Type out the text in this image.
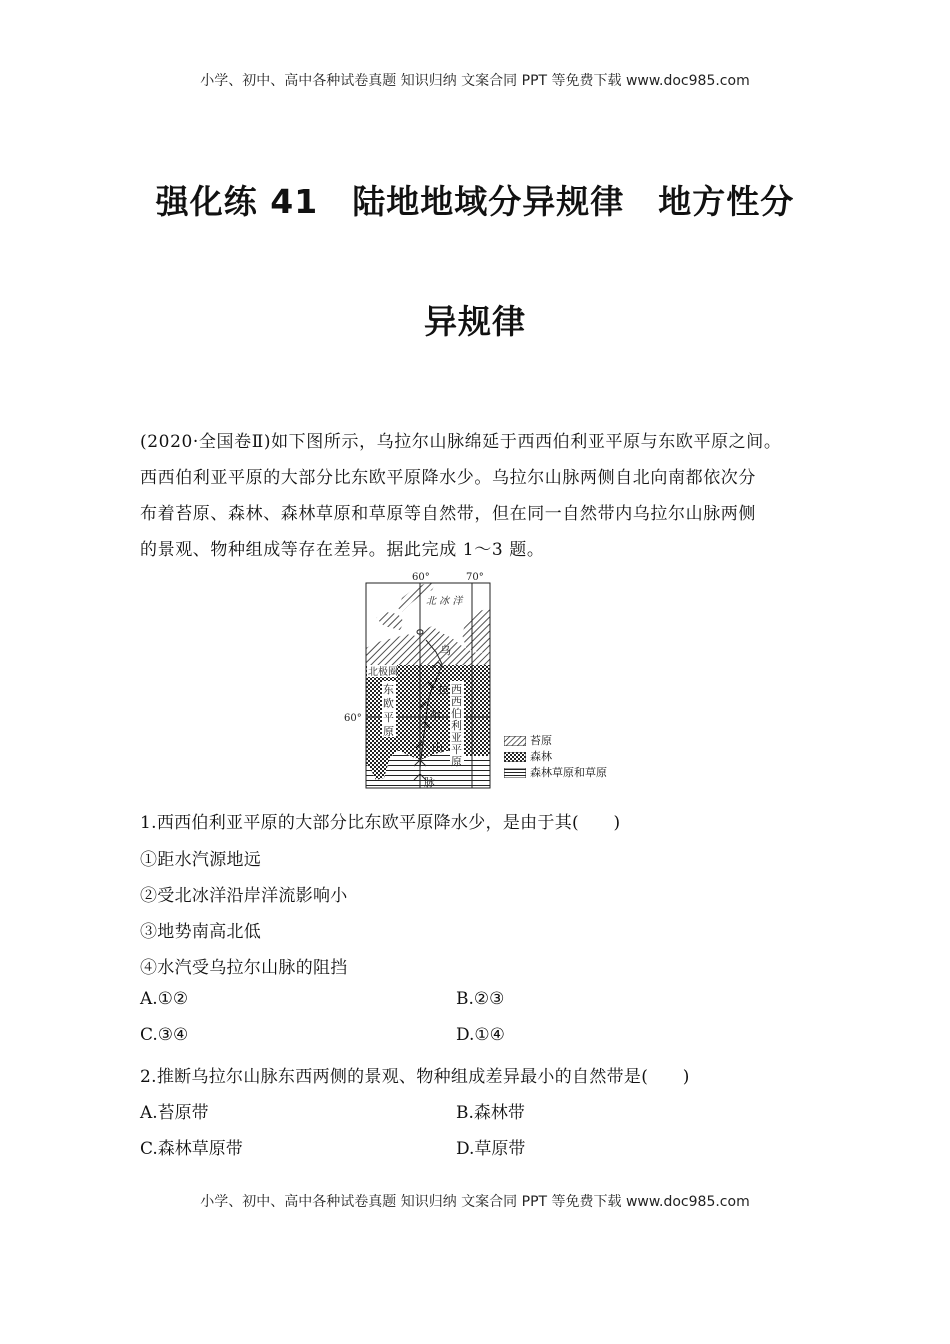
小学、初中、高中各种试卷真题 知识归纳 文案合同 PPT 等免费下载 www.doc985.com
强化练 41　陆地地域分异规律　地方性分
异规律

(2020·全国卷Ⅱ)如下图所示，乌拉尔山脉绵延于西西伯利亚平原与东欧平原之间。

西西伯利亚平原的大部分比东欧平原降水少。乌拉尔山脉两侧自北向南都依次分

布着苔原、森林、森林草原和草原等自然带，但在同一自然带内乌拉尔山脉两侧

的景观、物种组成等存在差异。据此完成 1～3 题。

60°	70°
60°
北 冰 洋
北极圈
东
欧
平
原
西
西
伯
利
亚
平
原
乌
拉
尔
山
脉
苔原
森林
森林草原和草原
1.西西伯利亚平原的大部分比东欧平原降水少，是由于其(　　)
①距水汽源地远
②受北冰洋沿岸洋流影响小
③地势南高北低
④水汽受乌拉尔山脉的阻挡
A.①②	B.②③
C.③④	D.①④
2.推断乌拉尔山脉东西两侧的景观、物种组成差异最小的自然带是(　　)
A.苔原带	B.森林带
C.森林草原带	D.草原带
小学、初中、高中各种试卷真题 知识归纳 文案合同 PPT 等免费下载 www.doc985.com
